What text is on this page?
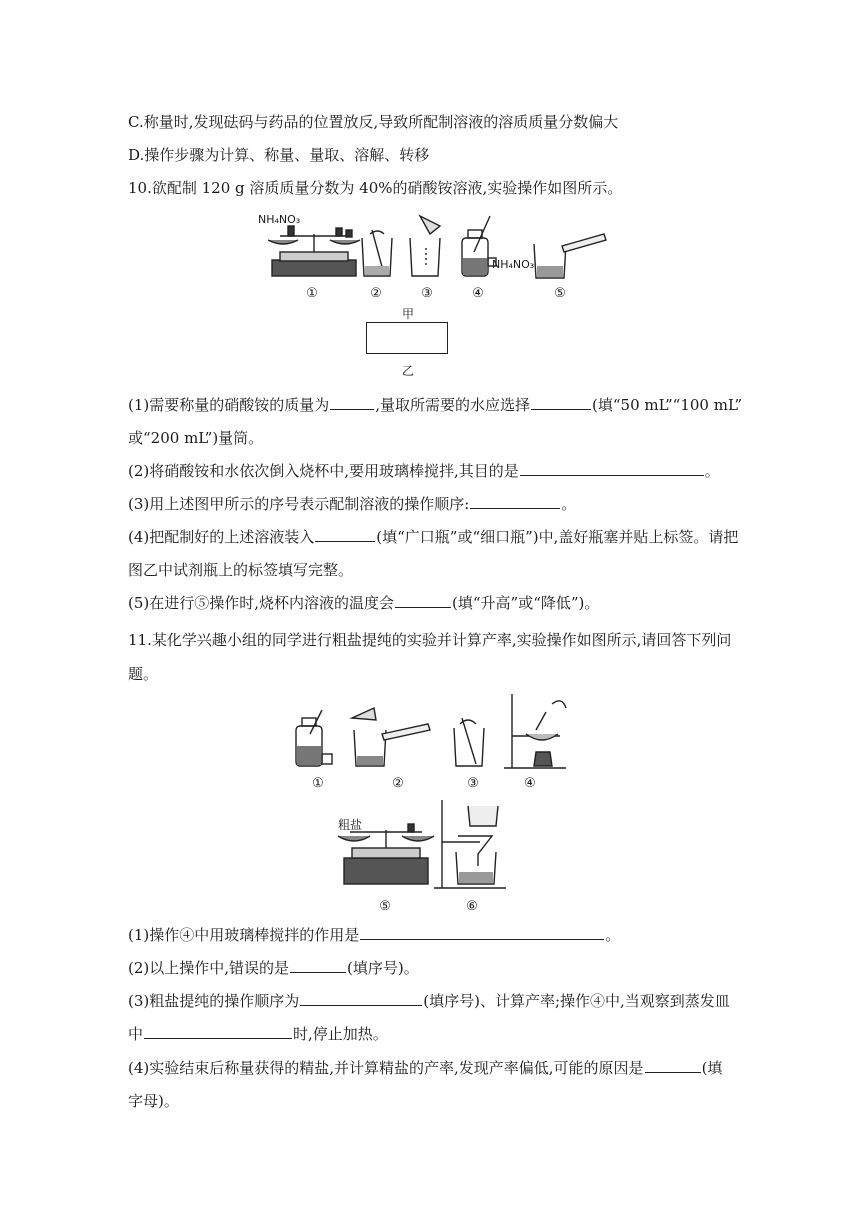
C.称量时,发现砝码与药品的位置放反,导致所配制溶液的溶质质量分数偏大
D.操作步骤为计算、称量、量取、溶解、转移
10.欲配制 120 g 溶质质量分数为 40%的硝酸铵溶液,实验操作如图所示。
NH₄NO₃
NH₄NO₃
①	②	③	④	⑤
甲
乙
(1)需要称量的硝酸铵的质量为	,量取所需要的水应选择	(填“50 mL”“100 mL”
或“200 mL”)量筒。
(2)将硝酸铵和水依次倒入烧杯中,要用玻璃棒搅拌,其目的是	。
(3)用上述图甲所示的序号表示配制溶液的操作顺序:	。
(4)把配制好的上述溶液装入	(填“广口瓶”或“细口瓶”)中,盖好瓶塞并贴上标签。请把
图乙中试剂瓶上的标签填写完整。
(5)在进行⑤操作时,烧杯内溶液的温度会	(填“升高”或“降低”)。
11.某化学兴趣小组的同学进行粗盐提纯的实验并计算产率,实验操作如图所示,请回答下列问
题。
①	②	③	④
粗盐
⑤	⑥
(1)操作④中用玻璃棒搅拌的作用是	。
(2)以上操作中,错误的是	(填序号)。
(3)粗盐提纯的操作顺序为	(填序号)、计算产率;操作④中,当观察到蒸发皿
中	时,停止加热。
(4)实验结束后称量获得的精盐,并计算精盐的产率,发现产率偏低,可能的原因是	(填
字母)。
